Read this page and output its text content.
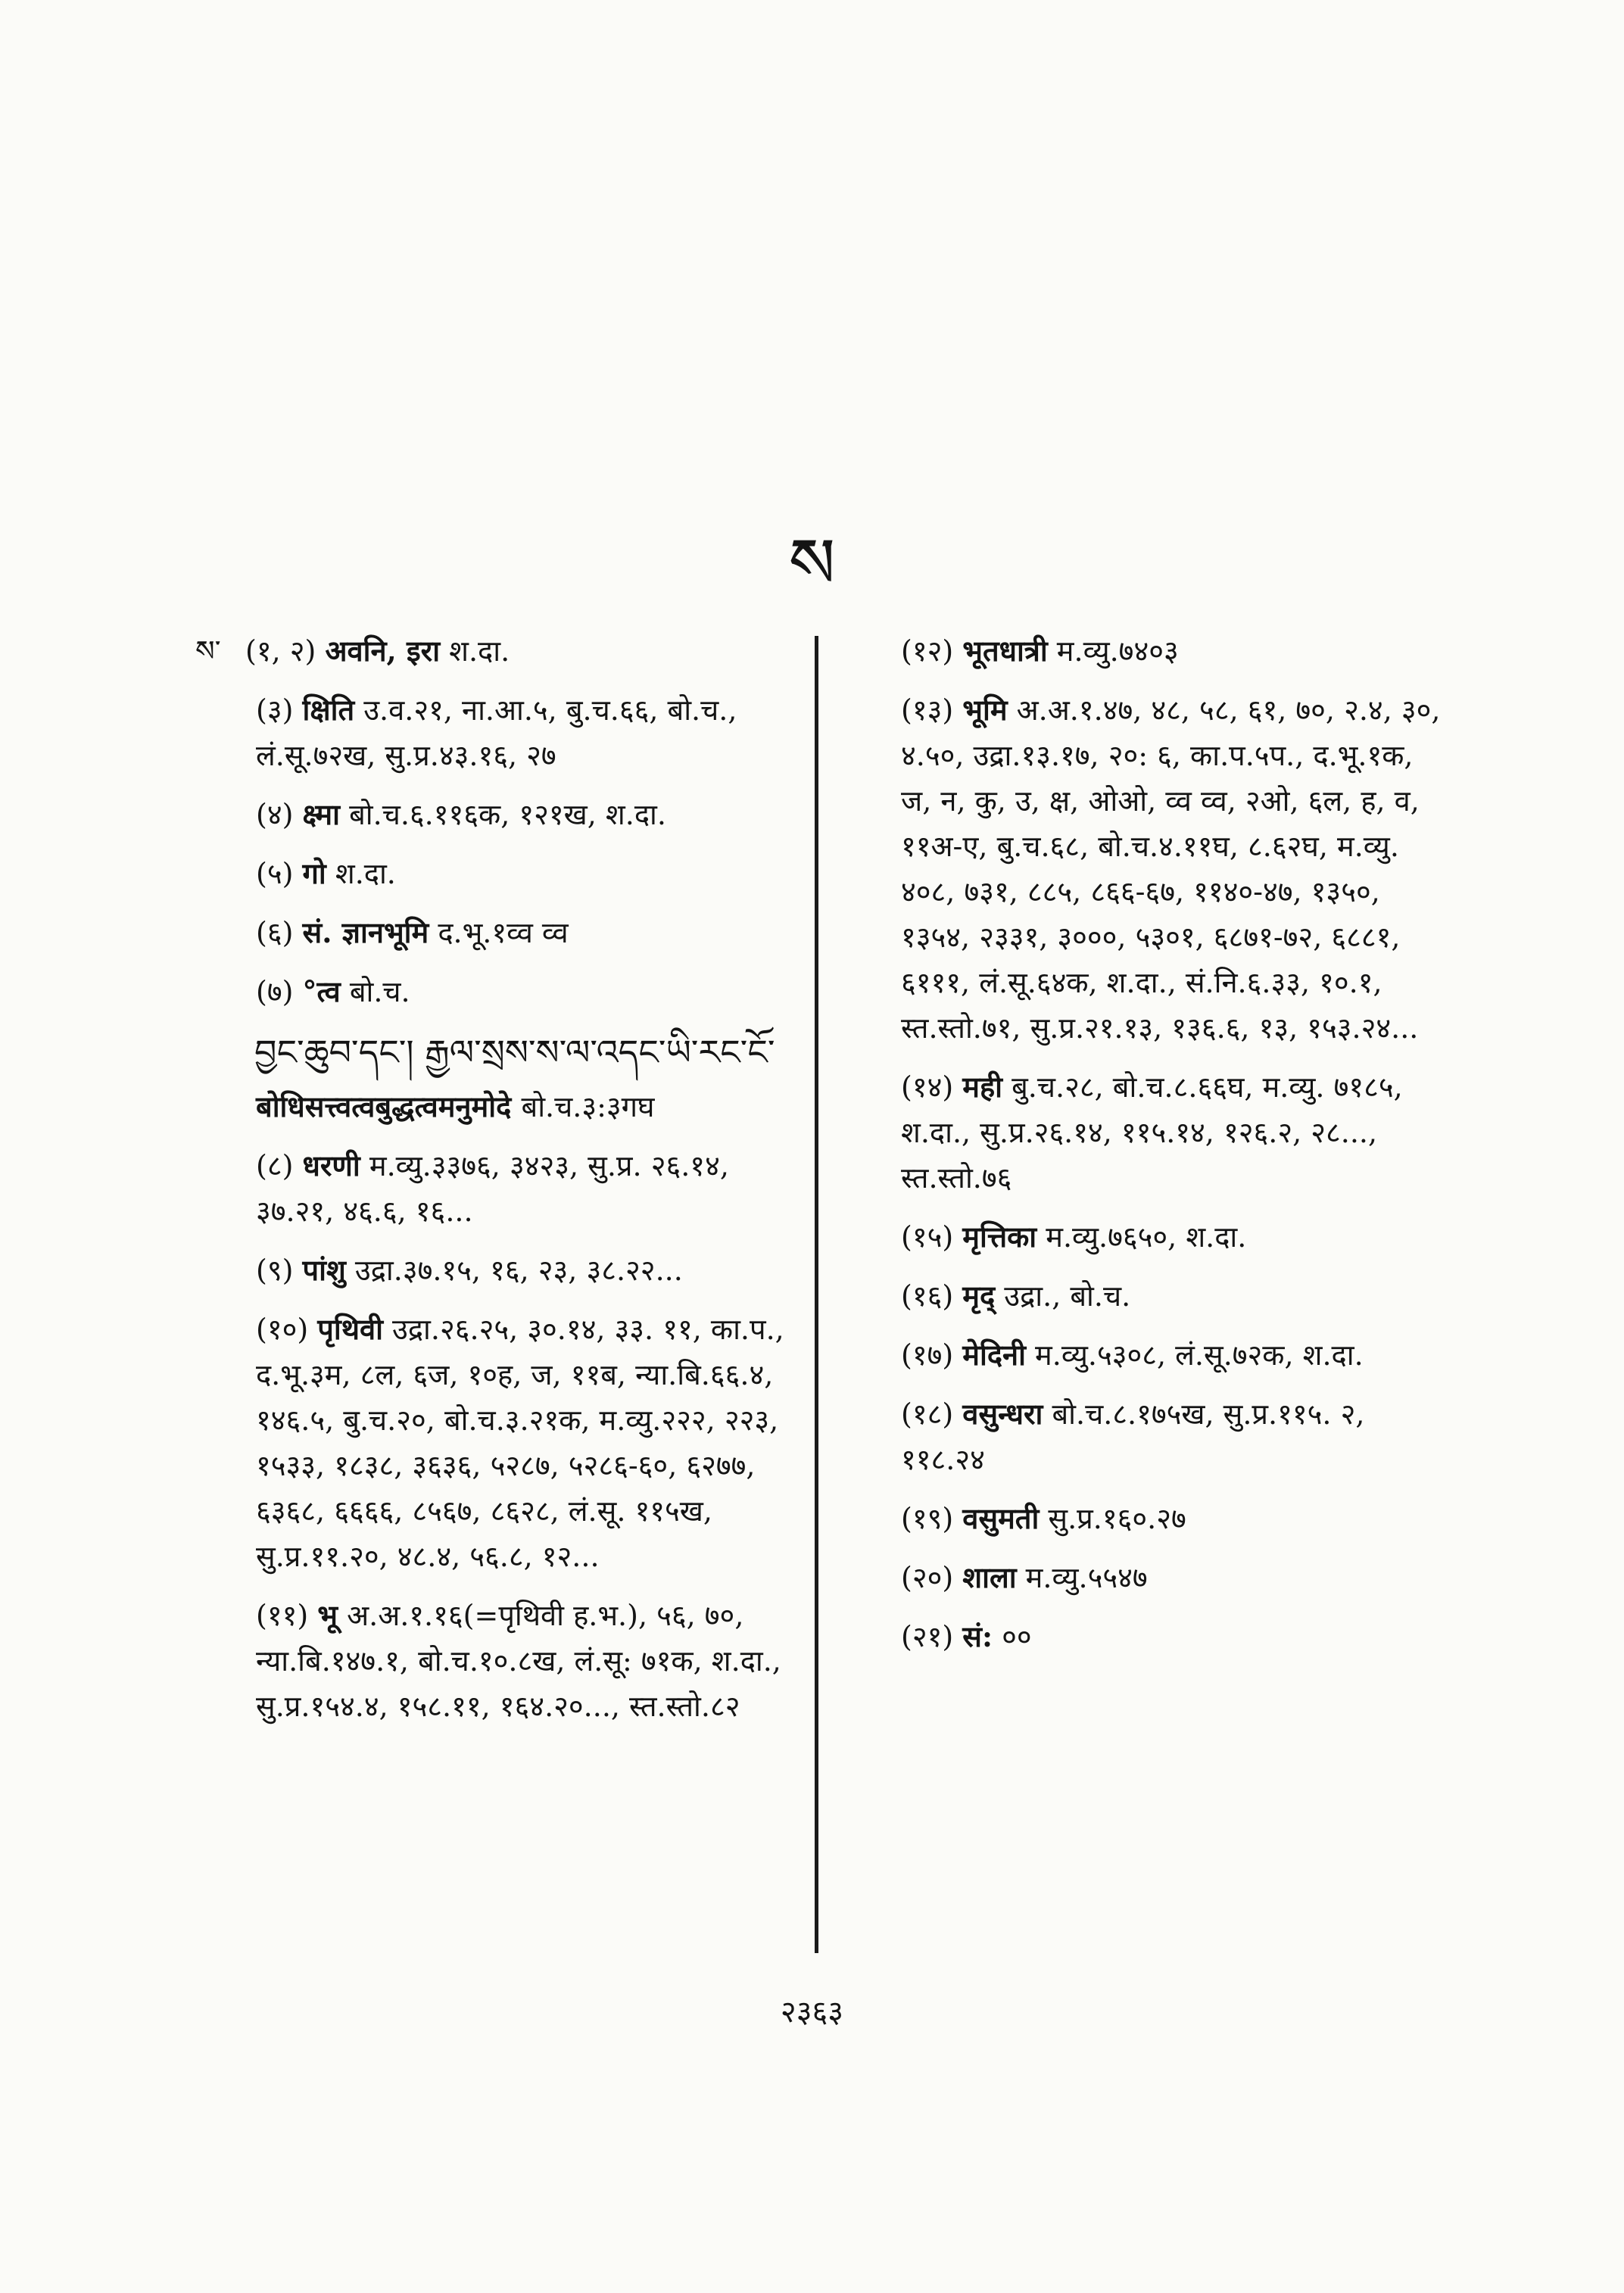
ས
ས་ (१, २) अवनि, इरा श.दा.
(३) क्षिति उ.व.२१, ना.आ.५, बु.च.६६, बो.च., लं.सू.७२ख, सु.प्र.४३.१६, २७
(४) क्ष्मा बो.च.६.११६क, १२१ख, श.दा.
(५) गो श.दा.
(६) सं. ज्ञानभूमि द.भू.१व्व व्व
(७) °त्व बो.च.
བྱང་ཆུབ་དང་། རྒྱལ་སྲས་ས་ལ་འདང་ཡི་རང་ངོ་
बोधिसत्त्वत्वबुद्धत्वमनुमोदे बो.च.३:३गघ
(८) धरणी म.व्यु.३३७६, ३४२३, सु.प्र. २६.१४, ३७.२१, ४६.६, १६...
(९) पांशु उद्रा.३७.१५, १६, २३, ३८.२२...
(१०) पृथिवी उद्रा.२६.२५, ३०.१४, ३३. ११, का.प., द.भू.३म, ८ल, ६ज, १०ह, ज, ११ब, न्या.बि.६६.४, १४६.५, बु.च.२०, बो.च.३.२१क, म.व्यु.२२२, २२३, १५३३, १८३८, ३६३६, ५२८७, ५२८६-६०, ६२७७, ६३६८, ६६६६, ८५६७, ८६२८, लं.सू. ११५ख, सु.प्र.११.२०, ४८.४, ५६.८, १२...
(११) भू अ.अ.१.१६(=पृथिवी ह.भ.), ५६, ७०, न्या.बि.१४७.१, बो.च.१०.८ख, लं.सू: ७१क, श.दा., सु.प्र.१५४.४, १५८.११, १६४.२०..., स्त.स्तो.८२
(१२) भूतधात्री म.व्यु.७४०३
(१३) भूमि अ.अ.१.४७, ४८, ५८, ६१, ७०, २.४, ३०, ४.५०, उद्रा.१३.१७, २०: ६, का.प.५प., द.भू.१क, ज, न, कु, उ, क्ष, ओओ, व्व व्व, २ओ, ६ल, ह, व, ११अ-ए, बु.च.६८, बो.च.४.११घ, ८.६२घ, म.व्यु. ४०८, ७३१, ८८५, ८६६-६७, ११४०-४७, १३५०, १३५४, २३३१, ३०००, ५३०१, ६८७१-७२, ६८८१, ६१११, लं.सू.६४क, श.दा., सं.नि.६.३३, १०.१, स्त.स्तो.७१, सु.प्र.२१.१३, १३६.६, १३, १५३.२४...
(१४) मही बु.च.२८, बो.च.८.६६घ, म.व्यु. ७१८५, श.दा., सु.प्र.२६.१४, ११५.१४, १२६.२, २८..., स्त.स्तो.७६
(१५) मृत्तिका म.व्यु.७६५०, श.दा.
(१६) मृद् उद्रा., बो.च.
(१७) मेदिनी म.व्यु.५३०८, लं.सू.७२क, श.दा.
(१८) वसुन्धरा बो.च.८.१७५ख, सु.प्र.११५. २, ११८.२४
(१९) वसुमती सु.प्र.१६०.२७
(२०) शाला म.व्यु.५५४७
(२१) सं: ००
२३६३
